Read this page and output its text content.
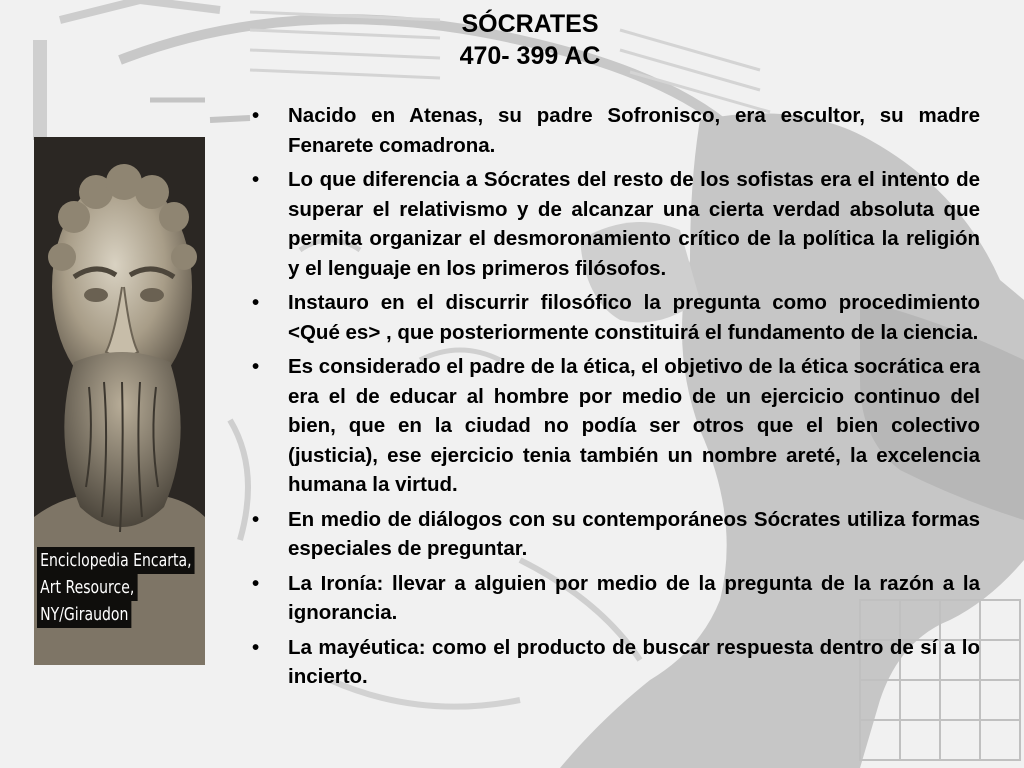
SÓCRATES
470- 399 AC
Enciclopedia Encarta,
Art Resource,
NY/Giraudon
• Nacido en Atenas, su padre Sofronisco, era escultor, su madre Fenarete comadrona.
• Lo que diferencia a Sócrates del resto de los sofistas era el intento de superar el relativismo y de alcanzar una cierta verdad absoluta que permita organizar el desmoronamiento crítico de la política la religión y el lenguaje en los primeros filósofos.
• Instauro en el discurrir filosófico la pregunta como procedimiento <Qué es> , que posteriormente constituirá el fundamento de la ciencia.
• Es considerado el padre de la ética, el objetivo de la ética socrática era era el de educar al hombre por medio de un ejercicio continuo del bien, que en la ciudad no podía ser otros que el bien colectivo (justicia), ese ejercicio tenia también un nombre areté, la excelencia humana la virtud.
• En medio de diálogos con su contemporáneos Sócrates utiliza formas especiales de preguntar.
• La Ironía: llevar a alguien por medio de la pregunta de la razón a la ignorancia.
• La mayéutica: como el producto de buscar respuesta dentro de sí a lo incierto.
